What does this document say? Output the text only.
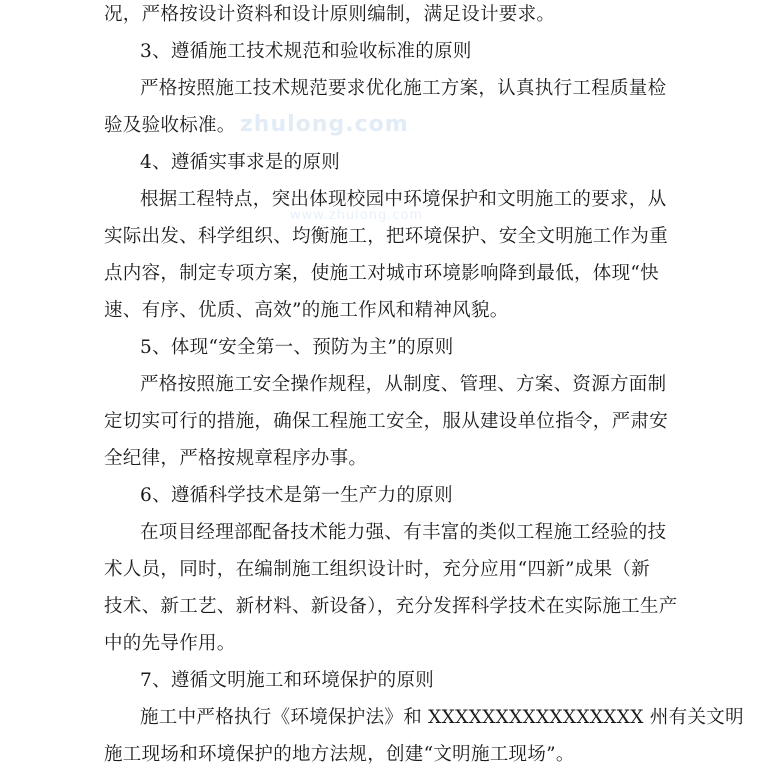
zhulong.com
www.zhulong.com
况，严格按设计资料和设计原则编制，满足设计要求。
3、遵循施工技术规范和验收标准的原则
严格按照施工技术规范要求优化施工方案，认真执行工程质量检
验及验收标准。
4、遵循实事求是的原则
根据工程特点，突出体现校园中环境保护和文明施工的要求，从
实际出发、科学组织、均衡施工，把环境保护、安全文明施工作为重
点内容，制定专项方案，使施工对城市环境影响降到最低，体现“快
速、有序、优质、高效”的施工作风和精神风貌。
5、体现“安全第一、预防为主”的原则
严格按照施工安全操作规程，从制度、管理、方案、资源方面制
定切实可行的措施，确保工程施工安全，服从建设单位指令，严肃安
全纪律，严格按规章程序办事。
6、遵循科学技术是第一生产力的原则
在项目经理部配备技术能力强、有丰富的类似工程施工经验的技
术人员，同时，在编制施工组织设计时，充分应用“四新”成果（新
技术、新工艺、新材料、新设备），充分发挥科学技术在实际施工生产
中的先导作用。
7、遵循文明施工和环境保护的原则
施工中严格执行《环境保护法》和 XXXXXXXXXXXXXXXX 州有关文明
施工现场和环境保护的地方法规，创建“文明施工现场”。
